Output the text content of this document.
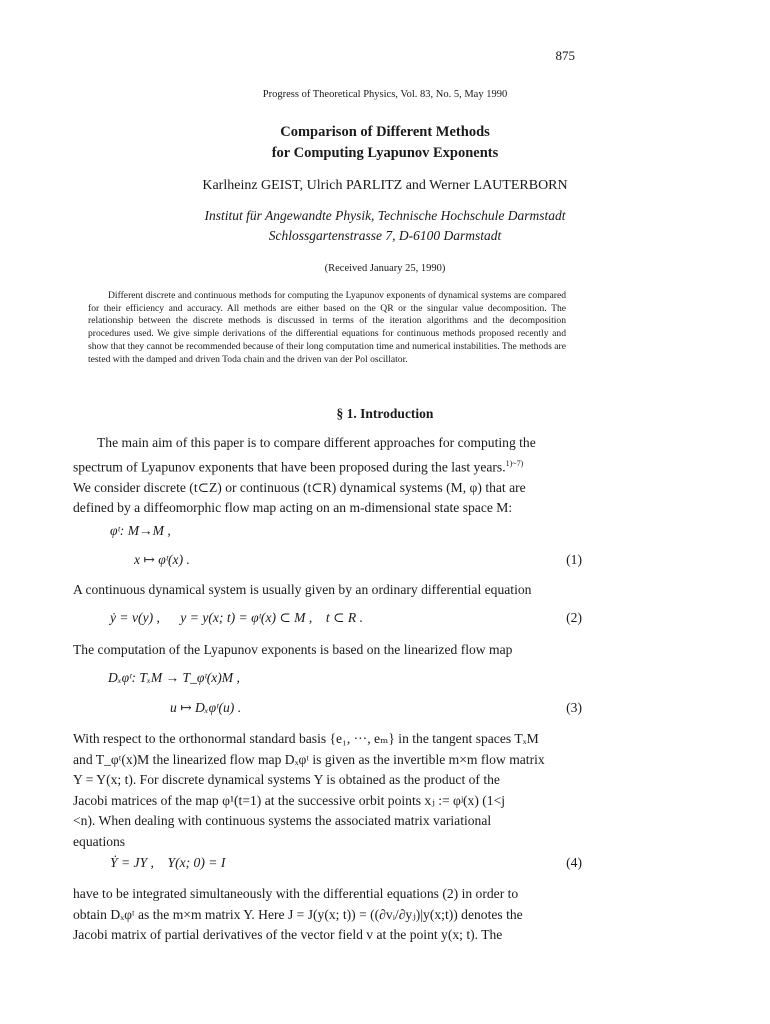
875
Progress of Theoretical Physics, Vol. 83, No. 5, May 1990
Comparison of Different Methods
for Computing Lyapunov Exponents
Karlheinz GEIST, Ulrich PARLITZ and Werner LAUTERBORN
Institut für Angewandte Physik, Technische Hochschule Darmstadt
Schlossgartenstrasse 7, D-6100 Darmstadt
(Received January 25, 1990)
Different discrete and continuous methods for computing the Lyapunov exponents of dynamical systems are compared for their efficiency and accuracy. All methods are either based on the QR or the singular value decomposition. The relationship between the discrete methods is discussed in terms of the iteration algorithms and the decomposition procedures used. We give simple derivations of the differential equations for continuous methods proposed recently and show that they cannot be recommended because of their long computation time and numerical instabilities. The methods are tested with the damped and driven Toda chain and the driven van der Pol oscillator.
§ 1. Introduction
The main aim of this paper is to compare different approaches for computing the
spectrum of Lyapunov exponents that have been proposed during the last years.$^{1)\sim 7)}$
We consider discrete (t⊂Z) or continuous (t⊂R) dynamical systems (M, φ) that are
defined by a diffeomorphic flow map acting on an m-dimensional state space M:
φᵗ: M→M ,
x ↦ φᵗ(x) .	(1)
A continuous dynamical system is usually given by an ordinary differential equation
ẏ = v(y) ,      y = y(x; t) = φᵗ(x) ⊂ M ,    t ⊂ R .	(2)
The computation of the Lyapunov exponents is based on the linearized flow map
Dₓφᵗ: TₓM → T_φᵗ(x)M ,
u ↦ Dₓφᵗ(u) .	(3)
With respect to the orthonormal standard basis {e₁, ···, eₘ} in the tangent spaces TₓM
and T_φᵗ(x)M the linearized flow map Dₓφᵗ is given as the invertible m×m flow matrix
Y = Y(x; t). For discrete dynamical systems Y is obtained as the product of the
Jacobi matrices of the map φ¹(t=1) at the successive orbit points xⱼ := φʲ(x) (1<j
<n). When dealing with continuous systems the associated matrix variational
equations
Ẏ = JY ,    Y(x; 0) = I	(4)
have to be integrated simultaneously with the differential equations (2) in order to
obtain Dₓφᵗ as the m×m matrix Y. Here J = J(y(x; t)) = ((∂vᵢ/∂yⱼ)|y(x;t)) denotes the
Jacobi matrix of partial derivatives of the vector field v at the point y(x; t). The
